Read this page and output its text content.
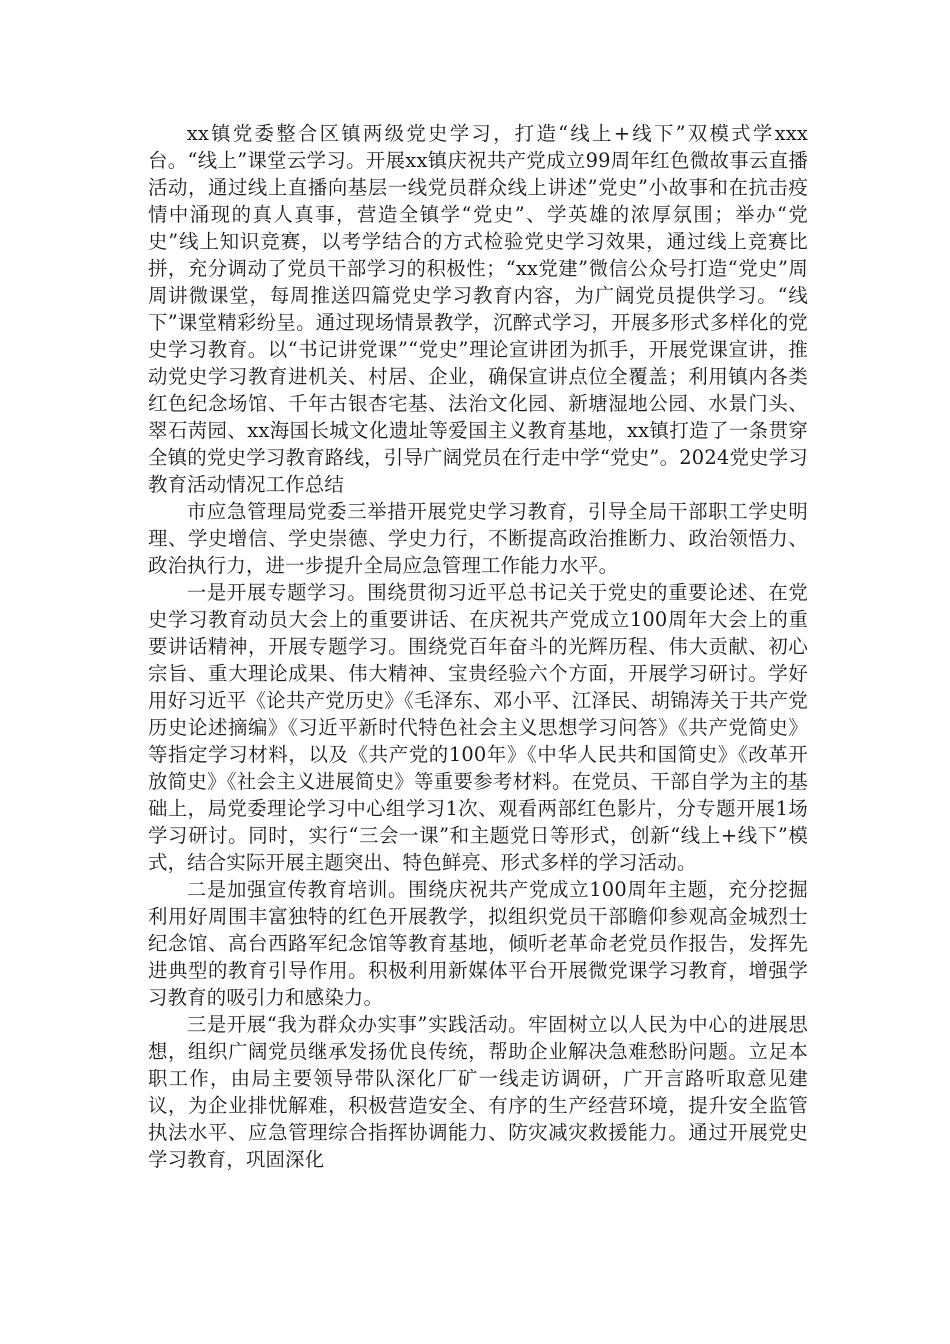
xx镇党委整合区镇两级党史学习，打造“线上+线下”双模式学xxx台。“线上”课堂云学习。开展xx镇庆祝共产党成立99周年红色微故事云直播活动，通过线上直播向基层一线党员群众线上讲述”党史”小故事和在抗击疫情中涌现的真人真事，营造全镇学“党史”、学英雄的浓厚氛围；举办“党史”线上知识竞赛，以考学结合的方式检验党史学习效果，通过线上竞赛比拼，充分调动了党员干部学习的积极性；“xx党建”微信公众号打造“党史”周周讲微课堂，每周推送四篇党史学习教育内容，为广阔党员提供学习。“线下”课堂精彩纷呈。通过现场情景教学，沉醉式学习，开展多形式多样化的党史学习教育。以“书记讲党课”“党史”理论宣讲团为抓手，开展党课宣讲，推动党史学习教育进机关、村居、企业，确保宣讲点位全覆盖；利用镇内各类红色纪念场馆、千年古银杏宅基、法治文化园、新塘湿地公园、水景门头、翠石苪园、xx海国长城文化遗址等爱国主义教育基地，xx镇打造了一条贯穿全镇的党史学习教育路线，引导广阔党员在行走中学“党史”。2024党史学习教育活动情况工作总结

市应急管理局党委三举措开展党史学习教育，引导全局干部职工学史明理、学史增信、学史崇德、学史力行，不断提高政治推断力、政治领悟力、政治执行力，进一步提升全局应急管理工作能力水平。

一是开展专题学习。围绕贯彻习近平总书记关于党史的重要论述、在党史学习教育动员大会上的重要讲话、在庆祝共产党成立100周年大会上的重要讲话精神，开展专题学习。围绕党百年奋斗的光辉历程、伟大贡献、初心宗旨、重大理论成果、伟大精神、宝贵经验六个方面，开展学习研讨。学好用好习近平《论共产党历史》《毛泽东、邓小平、江泽民、胡锦涛关于共产党历史论述摘编》《习近平新时代特色社会主义思想学习问答》《共产党简史》等指定学习材料，以及《共产党的100年》《中华人民共和国简史》《改革开放简史》《社会主义进展简史》等重要参考材料。在党员、干部自学为主的基础上，局党委理论学习中心组学习1次、观看两部红色影片，分专题开展1场学习研讨。同时，实行“三会一课”和主题党日等形式，创新“线上+线下”模式，结合实际开展主题突出、特色鲜亮、形式多样的学习活动。

二是加强宣传教育培训。围绕庆祝共产党成立100周年主题，充分挖掘利用好周围丰富独特的红色开展教学，拟组织党员干部瞻仰参观高金城烈士纪念馆、高台西路军纪念馆等教育基地，倾听老革命老党员作报告，发挥先进典型的教育引导作用。积极利用新媒体平台开展微党课学习教育，增强学习教育的吸引力和感染力。

三是开展“我为群众办实事”实践活动。牢固树立以人民为中心的进展思想，组织广阔党员继承发扬优良传统，帮助企业解决急难愁盼问题。立足本职工作，由局主要领导带队深化厂矿一线走访调研，广开言路听取意见建议，为企业排忧解难，积极营造安全、有序的生产经营环境，提升安全监管执法水平、应急管理综合指挥协调能力、防灾减灾救援能力。通过开展党史学习教育，巩固深化
